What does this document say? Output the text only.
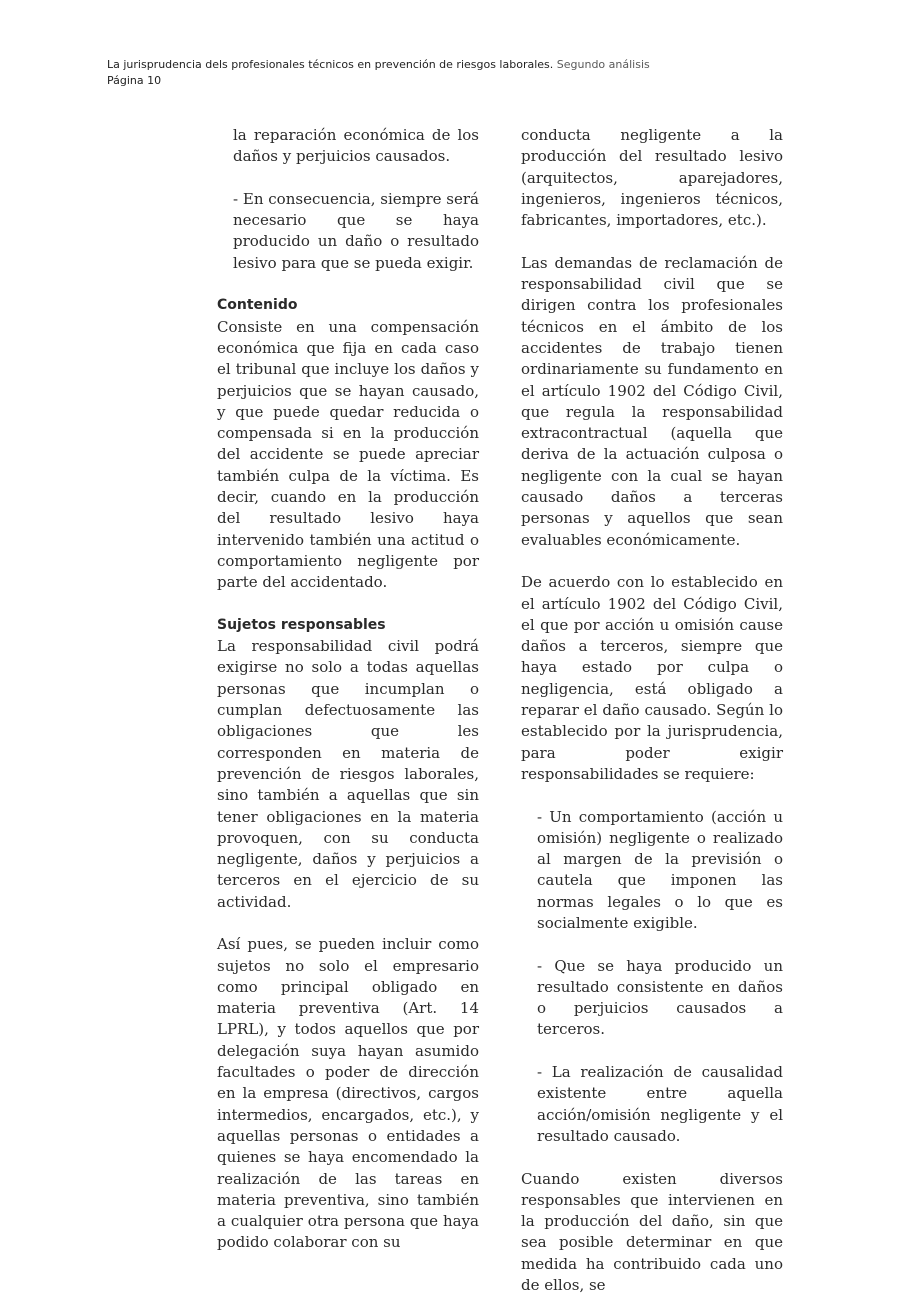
La jurisprudencia dels profesionales técnicos en prevención de riesgos laborales. Segundo análisis
Página 10

la reparación económica de los daños y perjuicios causados.

- En consecuencia, siempre será necesario que se haya producido un daño o resultado lesivo para que se pueda exigir.

Contenido

Consiste en una compensación económica que fija en cada caso el tribunal que incluye los daños y perjuicios que se hayan causado, y que puede quedar reducida o compensada si en la producción del accidente se puede apreciar también culpa de la víctima. Es decir, cuando en la producción del resultado lesivo haya intervenido también una actitud o comportamiento negligente por parte del accidentado.

Sujetos responsables

La responsabilidad civil podrá exigirse no solo a todas aquellas personas que incumplan o cumplan defectuosamente las obligaciones que les corresponden en materia de prevención de riesgos laborales, sino también a aquellas que sin tener obligaciones en la materia provoquen, con su conducta negligente, daños y perjuicios a terceros en el ejercicio de su actividad.

Así pues, se pueden incluir como sujetos no solo el empresario como principal obligado en materia preventiva (Art. 14 LPRL), y todos aquellos que por delegación suya hayan asumido facultades o poder de dirección en la empresa (directivos, cargos intermedios, encargados, etc.), y aquellas personas o entidades a quienes se haya encomendado la realización de las tareas en materia preventiva, sino también a cualquier otra persona que haya podido colaborar con su

conducta negligente a la producción del resultado lesivo (arquitectos, aparejadores, ingenieros, ingenieros técnicos, fabricantes, importadores, etc.).

Las demandas de reclamación de responsabilidad civil que se dirigen contra los profesionales técnicos en el ámbito de los accidentes de trabajo tienen ordinariamente su fundamento en el artículo 1902 del Código Civil, que regula la responsabilidad extracontractual (aquella que deriva de la actuación culposa o negligente con la cual se hayan causado daños a terceras personas y aquellos que sean evaluables económicamente.

De acuerdo con lo establecido en el artículo 1902 del Código Civil, el que por acción u omisión cause daños a terceros, siempre que haya estado por culpa o negligencia, está obligado a reparar el daño causado. Según lo establecido por la jurisprudencia, para poder exigir responsabilidades se requiere:

- Un comportamiento (acción u omisión) negligente o realizado al margen de la previsión o cautela que imponen las normas legales o lo que es socialmente exigible.

- Que se haya producido un resultado consistente en daños o perjuicios causados a terceros.

- La realización de causalidad existente entre aquella acción/omisión negligente y el resultado causado.

Cuando existen diversos responsables que intervienen en la producción del daño, sin que sea posible determinar en que medida ha contribuido cada uno de ellos, se
